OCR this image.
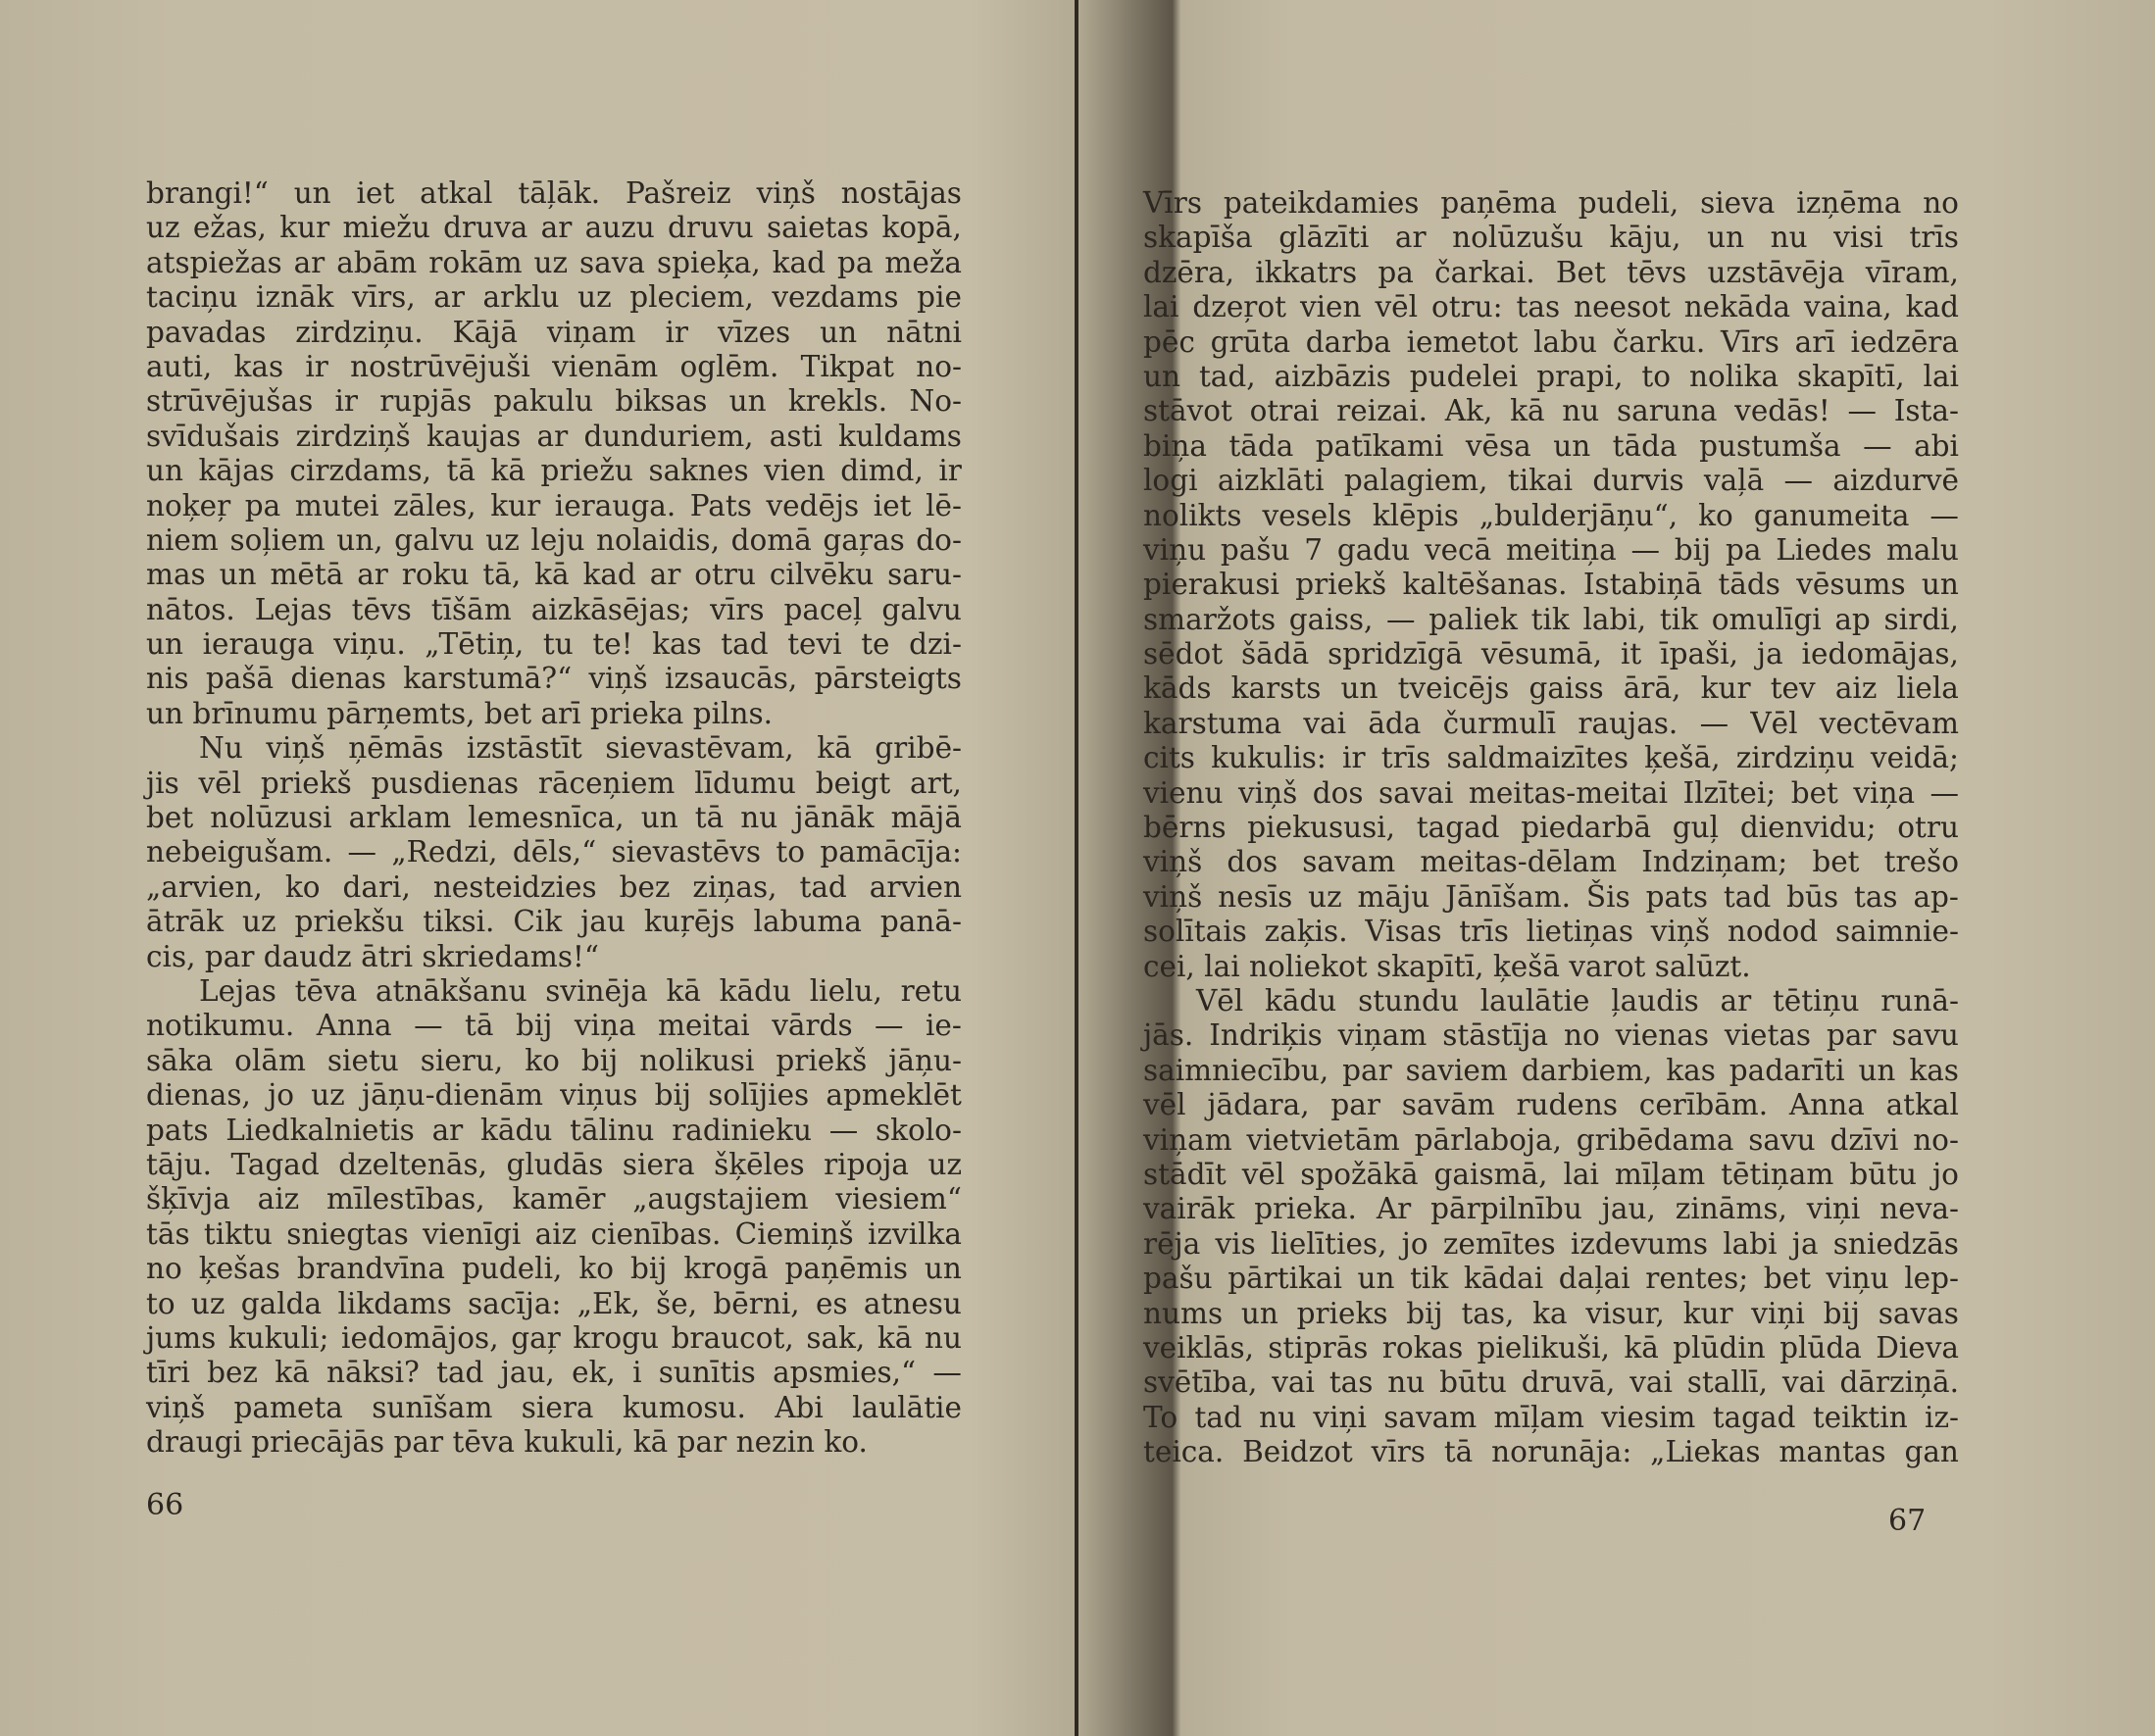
brangi!“ un iet atkal tāļāk. Pašreiz viņš nostājas
uz ežas, kur miežu druva ar auzu druvu saietas kopā,
atspiežas ar abām rokām uz sava spieķa, kad pa meža
taciņu iznāk vīrs, ar arklu uz pleciem, vezdams pie
pavadas zirdziņu. Kājā viņam ir vīzes un nātni
auti, kas ir nostrūvējuši vienām oglēm. Tikpat no-
strūvējušas ir rupjās pakulu biksas un krekls. No-
svīdušais zirdziņš kaujas ar dunduriem, asti kuldams
un kājas cirzdams, tā kā priežu saknes vien dimd, ir
noķeŗ pa mutei zāles, kur ierauga. Pats vedējs iet lē-
niem soļiem un, galvu uz leju nolaidis, domā gaŗas do-
mas un mētā ar roku tā, kā kad ar otru cilvēku saru-
nātos. Lejas tēvs tīšām aizkāsējas; vīrs paceļ galvu
un ierauga viņu. „Tētiņ, tu te! kas tad tevi te dzi-
nis pašā dienas karstumā?“ viņš izsaucās, pārsteigts
un brīnumu pārņemts, bet arī prieka pilns.
Nu viņš ņēmās izstāstīt sievastēvam, kā gribē-
jis vēl priekš pusdienas rāceņiem līdumu beigt art,
bet nolūzusi arklam lemesnīca, un tā nu jānāk mājā
nebeigušam. — „Redzi, dēls,“ sievastēvs to pamācīja:
„arvien, ko dari, nesteidzies bez ziņas, tad arvien
ātrāk uz priekšu tiksi. Cik jau kuŗējs labuma panā-
cis, par daudz ātri skriedams!“
Lejas tēva atnākšanu svinēja kā kādu lielu, retu
notikumu. Anna — tā bij viņa meitai vārds — ie-
sāka olām sietu sieru, ko bij nolikusi priekš jāņu-
dienas, jo uz jāņu-dienām viņus bij solījies apmeklēt
pats Liedkalnietis ar kādu tālinu radinieku — skolo-
tāju. Tagad dzeltenās, gludās siera šķēles ripoja uz
šķīvja aiz mīlestības, kamēr „augstajiem viesiem“
tās tiktu sniegtas vienīgi aiz cienības. Ciemiņš izvilka
no ķešas brandvīna pudeli, ko bij krogā paņēmis un
to uz galda likdams sacīja: „Ek, še, bērni, es atnesu
jums kukuli; iedomājos, gaŗ krogu braucot, sak, kā nu
tīri bez kā nāksi? tad jau, ek, i sunītis apsmies,“ —
viņš pameta sunīšam siera kumosu. Abi laulātie
draugi priecājās par tēva kukuli, kā par nezin ko.
66
Vīrs pateikdamies paņēma pudeli, sieva izņēma no
skapīša glāzīti ar nolūzušu kāju, un nu visi trīs
dzēra, ikkatrs pa čarkai. Bet tēvs uzstāvēja vīram,
lai dzeŗot vien vēl otru: tas neesot nekāda vaina, kad
pēc grūta darba iemetot labu čarku. Vīrs arī iedzēra
un tad, aizbāzis pudelei prapi, to nolika skapītī, lai
stāvot otrai reizai. Ak, kā nu saruna vedās! — Ista-
biņa tāda patīkami vēsa un tāda pustumša — abi
logi aizklāti palagiem, tikai durvis vaļā — aizdurvē
nolikts vesels klēpis „bulderjāņu“, ko ganumeita —
viņu pašu 7 gadu vecā meitiņa — bij pa Liedes malu
pierakusi priekš kaltēšanas. Istabiņā tāds vēsums un
smaržots gaiss, — paliek tik labi, tik omulīgi ap sirdi,
sēdot šādā spridzīgā vēsumā, it īpaši, ja iedomājas,
kāds karsts un tveicējs gaiss ārā, kur tev aiz liela
karstuma vai āda čurmulī raujas. — Vēl vectēvam
cits kukulis: ir trīs saldmaizītes ķešā, zirdziņu veidā;
vienu viņš dos savai meitas-meitai Ilzītei; bet viņa —
bērns piekususi, tagad piedarbā guļ dienvidu; otru
viņš dos savam meitas-dēlam Indziņam; bet trešo
viņš nesīs uz māju Jānīšam. Šis pats tad būs tas ap-
solītais zaķis. Visas trīs lietiņas viņš nodod saimnie-
cei, lai noliekot skapītī, ķešā varot salūzt.
Vēl kādu stundu laulātie ļaudis ar tētiņu runā-
jās. Indriķis viņam stāstīja no vienas vietas par savu
saimniecību, par saviem darbiem, kas padarīti un kas
vēl jādara, par savām rudens cerībām. Anna atkal
viņam vietvietām pārlaboja, gribēdama savu dzīvi no-
stādīt vēl spožākā gaismā, lai mīļam tētiņam būtu jo
vairāk prieka. Ar pārpilnību jau, zināms, viņi neva-
rēja vis lielīties, jo zemītes izdevums labi ja sniedzās
pašu pārtikai un tik kādai daļai rentes; bet viņu lep-
nums un prieks bij tas, ka visur, kur viņi bij savas
veiklās, stiprās rokas pielikuši, kā plūdin plūda Dieva
svētība, vai tas nu būtu druvā, vai stallī, vai dārziņā.
To tad nu viņi savam mīļam viesim tagad teiktin iz-
teica. Beidzot vīrs tā norunāja: „Liekas mantas gan
67
